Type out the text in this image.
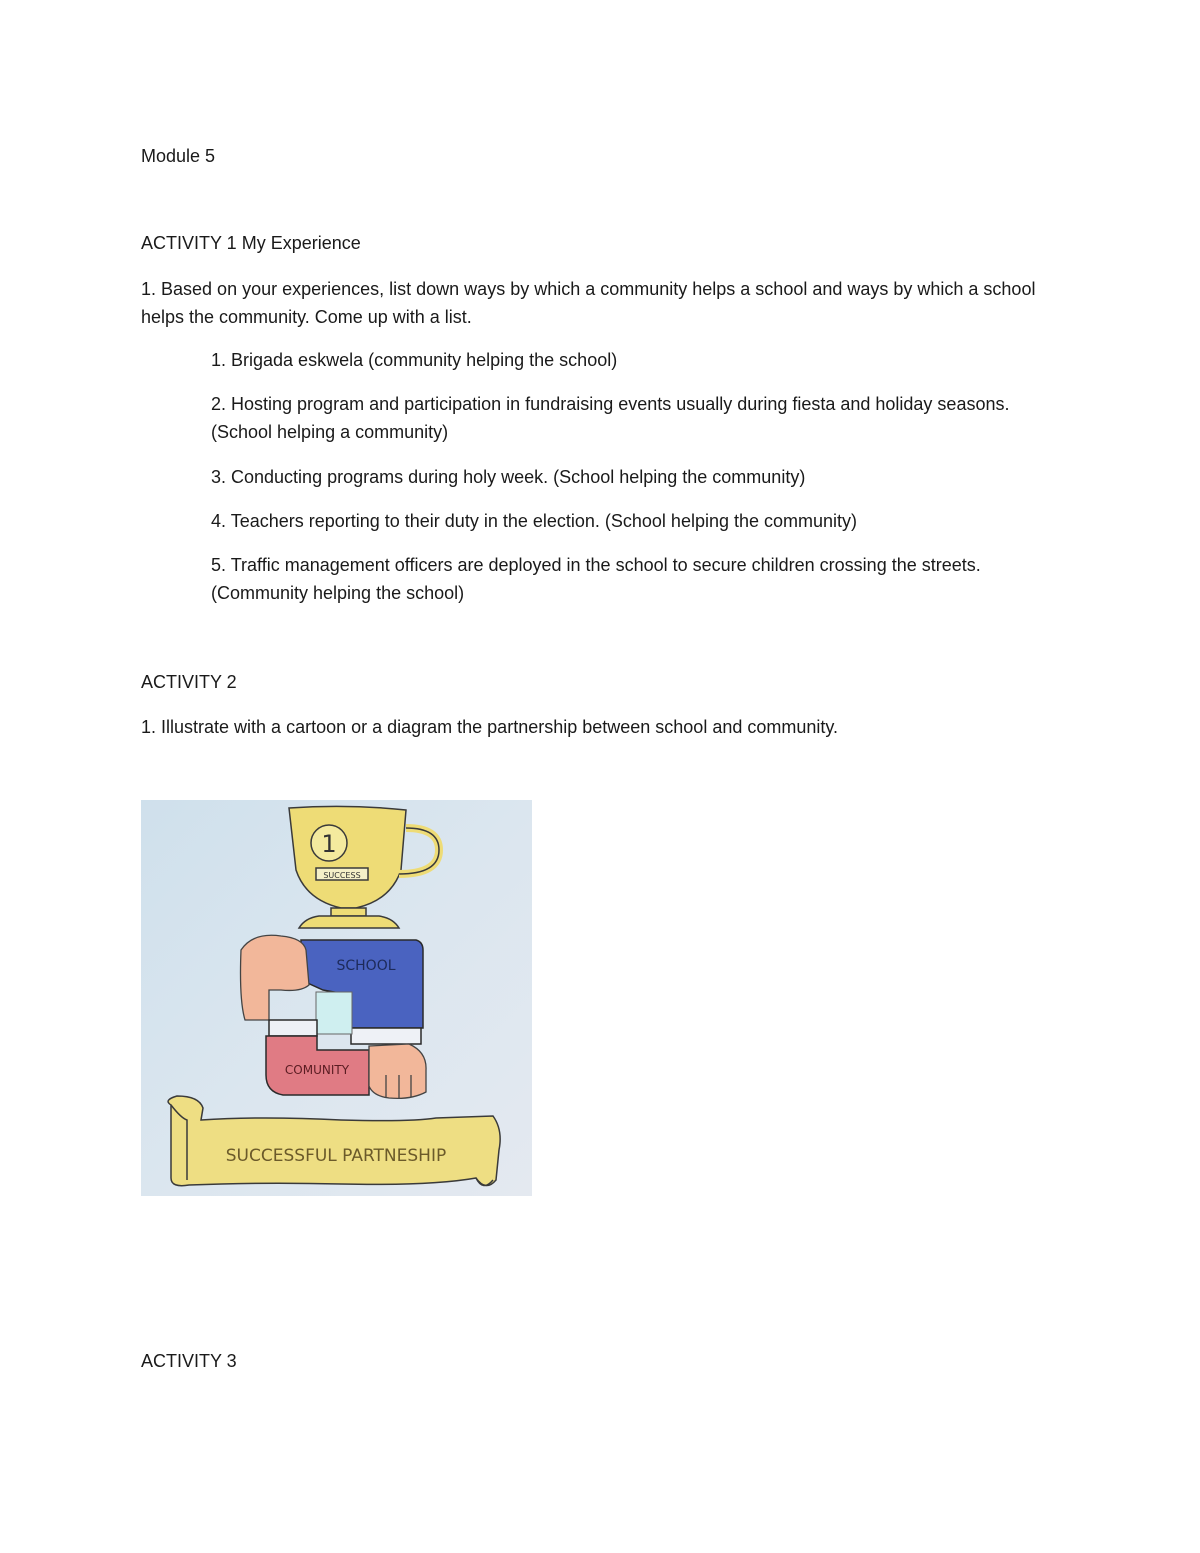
Module 5
ACTIVITY 1 My Experience
1. Based on your experiences, list down ways by which a community helps a school and ways by which a school helps the community. Come up with a list.
1. Brigada eskwela (community helping the school)
2. Hosting program and participation in fundraising events usually during fiesta and holiday seasons. (School helping a community)
3. Conducting programs during holy week. (School helping the community)
4. Teachers reporting to their duty in the election. (School helping the community)
5. Traffic management officers are deployed in the school to secure children crossing the streets. (Community helping the school)
ACTIVITY 2
1. Illustrate with a cartoon or a diagram the partnership between school and community.
1
SUCCESS
SCHOOL
COMUNITY
SUCCESSFUL PARTNESHIP
ACTIVITY 3
